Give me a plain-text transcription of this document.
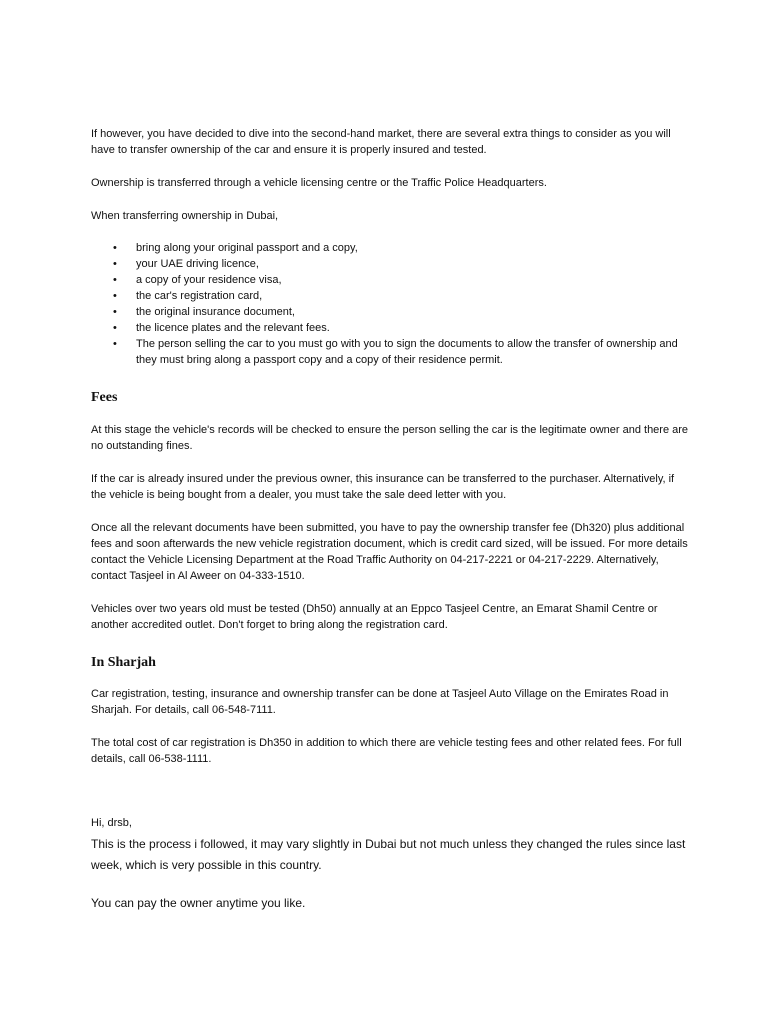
If however, you have decided to dive into the second-hand market, there are several extra things to consider as you will have to transfer ownership of the car and ensure it is properly insured and tested.

Ownership is transferred through a vehicle licensing centre or the Traffic Police Headquarters.

When transferring ownership in Dubai,

• bring along your original passport and a copy,
• your UAE driving licence,
• a copy of your residence visa,
• the car's registration card,
• the original insurance document,
• the licence plates and the relevant fees.
• The person selling the car to you must go with you to sign the documents to allow the transfer of ownership and they must bring along a passport copy and a copy of their residence permit.
Fees

At this stage the vehicle's records will be checked to ensure the person selling the car is the legitimate owner and there are no outstanding fines.

If the car is already insured under the previous owner, this insurance can be transferred to the purchaser. Alternatively, if the vehicle is being bought from a dealer, you must take the sale deed letter with you.

Once all the relevant documents have been submitted, you have to pay the ownership transfer fee (Dh320) plus additional fees and soon afterwards the new vehicle registration document, which is credit card sized, will be issued. For more details contact the Vehicle Licensing Department at the Road Traffic Authority on 04-217-2221 or 04-217-2229. Alternatively, contact Tasjeel in Al Aweer on 04-333-1510.

Vehicles over two years old must be tested (Dh50) annually at an Eppco Tasjeel Centre, an Emarat Shamil Centre or another accredited outlet. Don't forget to bring along the registration card.

In Sharjah

Car registration, testing, insurance and ownership transfer can be done at Tasjeel Auto Village on the Emirates Road in Sharjah. For details, call 06-548-7111.

The total cost of car registration is Dh350 in addition to which there are vehicle testing fees and other related fees. For full details, call 06-538-1111.

Hi, drsb,

This is the process i followed, it may vary slightly in Dubai but not much unless they changed the rules since last week, which is very possible in this country.

You can pay the owner anytime you like.
